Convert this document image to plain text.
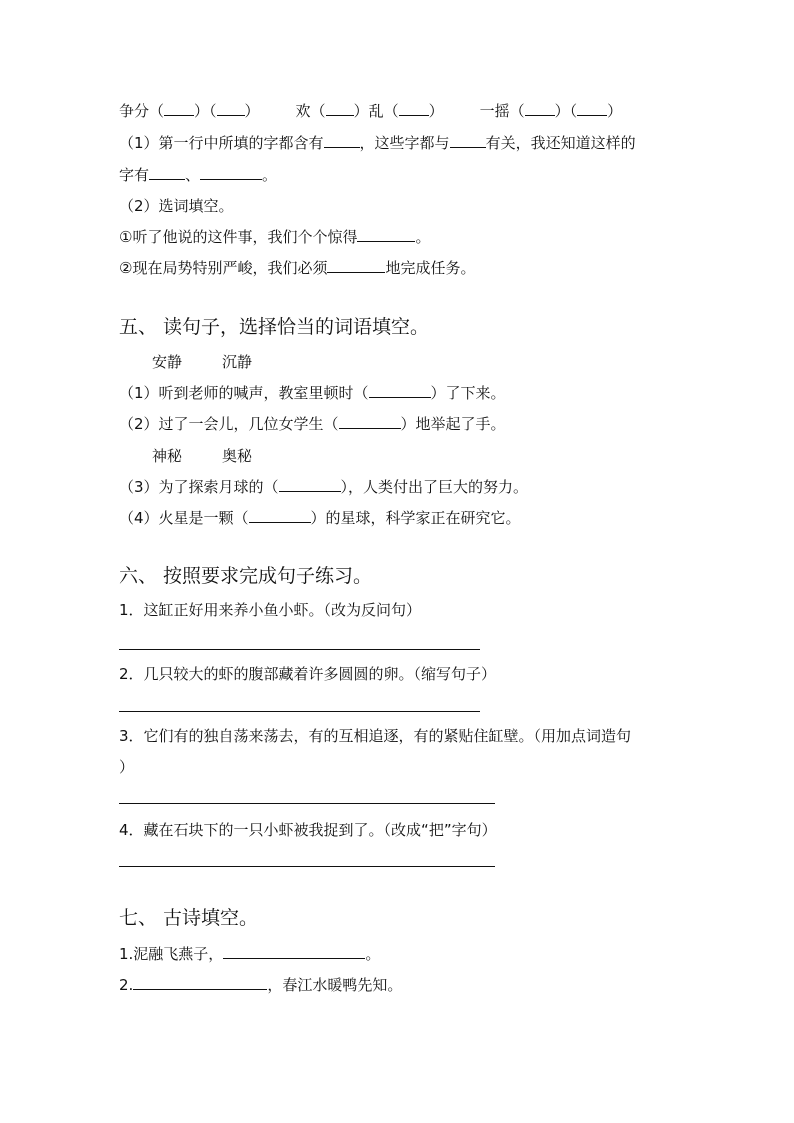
争分（ ）（ ） 欢（ ）乱（ ） 一摇（ ）（ ）
（1）第一行中所填的字都含有 ，这些字都与 有关，我还知道这样的
字有 、	。
（2）选词填空。
①听了他说的这件事，我们个个惊得	。
②现在局势特别严峻，我们必须	地完成任务。
五、 读句子，选择恰当的词语填空。
安静	沉静
（1）听到老师的喊声，教室里顿时（	）了下来。
（2）过了一会儿，几位女学生（	）地举起了手。
神秘	奥秘
（3）为了探索月球的（	），人类付出了巨大的努力。
（4）火星是一颗（	）的星球，科学家正在研究它。
六、 按照要求完成句子练习。
1．这缸正好用来养小鱼小虾。（改为反问句）
2．几只较大的虾的腹部藏着许多圆圆的卵。（缩写句子）
3．它们有的独自荡来荡去，有的互相追逐，有的紧贴住缸壁。（用加点词造句
）
4．藏在石块下的一只小虾被我捉到了。（改成“把”字句）
七、 古诗填空。
1.泥融飞燕子，	。
2.	，春江水暖鸭先知。
